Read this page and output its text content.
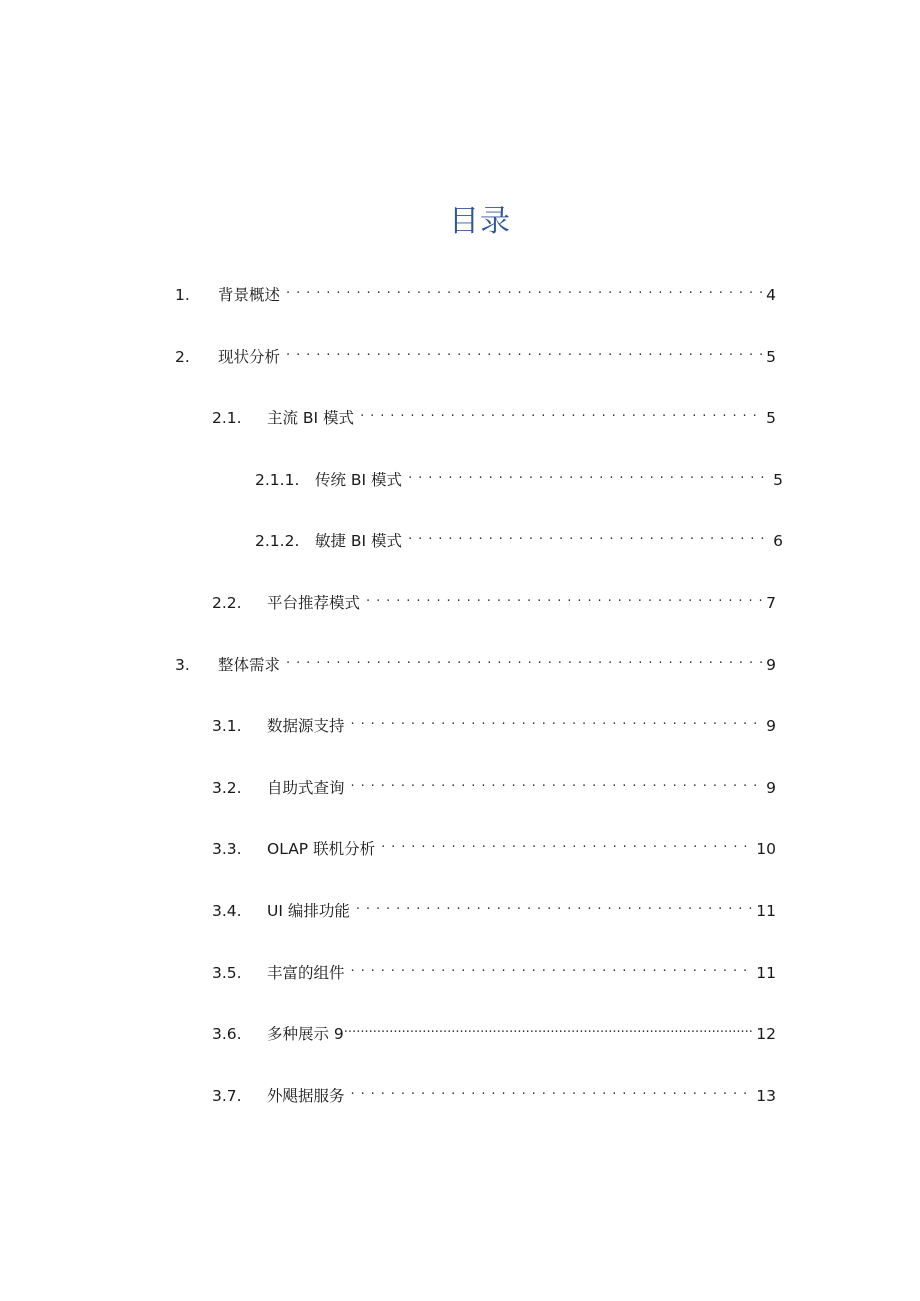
目录
1.	背景概述 . . .	4
2.	现状分析 . . .	5
2.1.	主流 BI 模式 . . .	5
2.1.1.	传统 BI 模式 . . .	5
2.1.2.	敏捷 BI 模式 . . .	6
2.2.	平台推荐模式 . . .	7
3.	整体需求 . . .	9
3.1.	数据源支持 . . .	9
3.2.	自助式查询 . . .	9
3.3.	OLAP 联机分析 . . .	10
3.4.	UI 编排功能 . . .	11
3.5.	丰富的组件 . . .	11
3.6.	多种展示 9 .....	12
3.7.	外飓据服务 . . .	13
